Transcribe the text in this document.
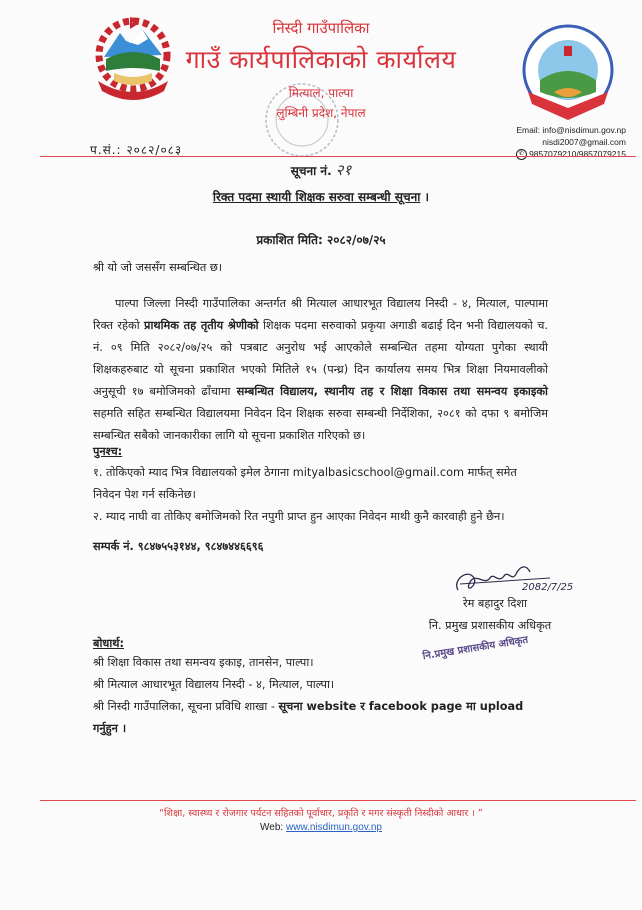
निस्दी गाउँपालिका
गाउँ कार्यपालिकाको कार्यालय
मित्याल, पाल्पा
लुम्बिनी प्रदेश, नेपाल
Email: info@nisdimun.gov.np
nisdi2007@gmail.com
✆ 9857079210/9857079215
प.सं.: २०८२/०८३
सूचना नं. २१
रिक्त पदमा स्थायी शिक्षक सरुवा सम्बन्धी सूचना ।
प्रकाशित मिति: २०८२/०७/२५
श्री यो जो जससँग सम्बन्धित छ।
पाल्पा जिल्ला निस्दी गाउँपालिका अन्तर्गत श्री मित्याल आधारभूत विद्यालय निस्दी - ४, मित्याल, पाल्पामा रिक्त रहेको प्राथमिक तह तृतीय श्रेणीको शिक्षक पदमा सरुवाको प्रकृया अगाडी बढाई दिन भनी विद्यालयको च. नं. ०९ मिति २०८२/०७/२५ को पत्रबाट अनुरोध भई आएकोले सम्बन्धित तहमा योग्यता पुगेका स्थायी शिक्षकहरुबाट यो सूचना प्रकाशित भएको मितिले १५ (पन्ध्र) दिन कार्यालय समय भित्र शिक्षा नियमावलीको अनुसूची १७ बमोजिमको ढाँचामा सम्बन्धित विद्यालय, स्थानीय तह र शिक्षा विकास तथा समन्वय इकाइको सहमति सहित सम्बन्धित विद्यालयमा निवेदन दिन शिक्षक सरुवा सम्बन्धी निर्देशिका, २०८१ को दफा ९ बमोजिम सम्बन्धित सबैको जानकारीका लागि यो सूचना प्रकाशित गरिएको छ।
पुनश्च:
१. तोकिएको म्याद भित्र विद्यालयको इमेल ठेगाना mityalbasicschool@gmail.com मार्फत् समेत निवेदन पेश गर्न सकिनेछ।
२. म्याद नाघी वा तोकिए बमोजिमको रित नपुगी प्राप्त हुन आएका निवेदन माथी कुनै कारवाही हुने छैन।
सम्पर्क नं. ९८४७५५३१४४, ९८४७४४६६९६
2082/7/25
रेम बहादुर दिशा
नि. प्रमुख प्रशासकीय अधिकृत
नि.प्रमुख प्रशासकीय अधिकृत
बोधार्थ:
श्री शिक्षा विकास तथा समन्वय इकाइ, तानसेन, पाल्पा।
श्री मित्याल आधारभूत विद्यालय निस्दी - ४, मित्याल, पाल्पा।
श्री निस्दी गाउँपालिका, सूचना प्रविधि शाखा - सूचना website र facebook page मा upload गर्नुहुन ।
“शिक्षा, स्वास्थ्य र रोजगार पर्यटन सहितको पूर्वाधार, प्रकृति र मगर संस्कृती निस्दीको आधार । ”
Web: www.nisdimun.gov.np
